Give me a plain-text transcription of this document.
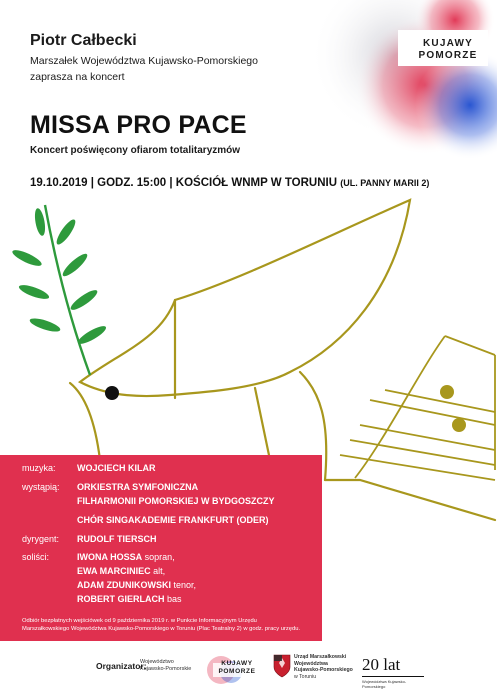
Piotr Całbecki
Marszałek Województwa Kujawsko-Pomorskiego
zaprasza na koncert
MISSA PRO PACE
Koncert poświęcony ofiarom totalitaryzmów
19.10.2019 | GODZ. 15:00 | KOŚCIÓŁ WNMP W TORUNIU (UL. PANNY MARII 2)
KUJAWY
POMORZE
muzyka: WOJCIECH KILAR
wystąpią: ORKIESTRA SYMFONICZNA
FILHARMONII POMORSKIEJ W BYDGOSZCZY
CHÓR SINGAKADEMIE FRANKFURT (ODER)
dyrygent: RUDOLF TIERSCH
soliści:	IWONA HOSSA sopran,
EWA MARCINIEC alt,
ADAM ZDUNIKOWSKI tenor,
ROBERT GIERLACH bas
Odbiór bezpłatnych wejściówek od 9 października 2019 r. w Punkcie Informacyjnym Urzędu
Marszałkowskiego Województwa Kujawsko-Pomorskiego w Toruniu (Plac Teatralny 2) w godz. pracy urzędu.
Organizator:
Województwo
Kujawsko-Pomorskie
KUJAWY
POMORZE
Urząd Marszałkowski
Województwa
Kujawsko-Pomorskiego
w Toruniu
20 lat
Województwa Kujawsko-Pomorskiego
